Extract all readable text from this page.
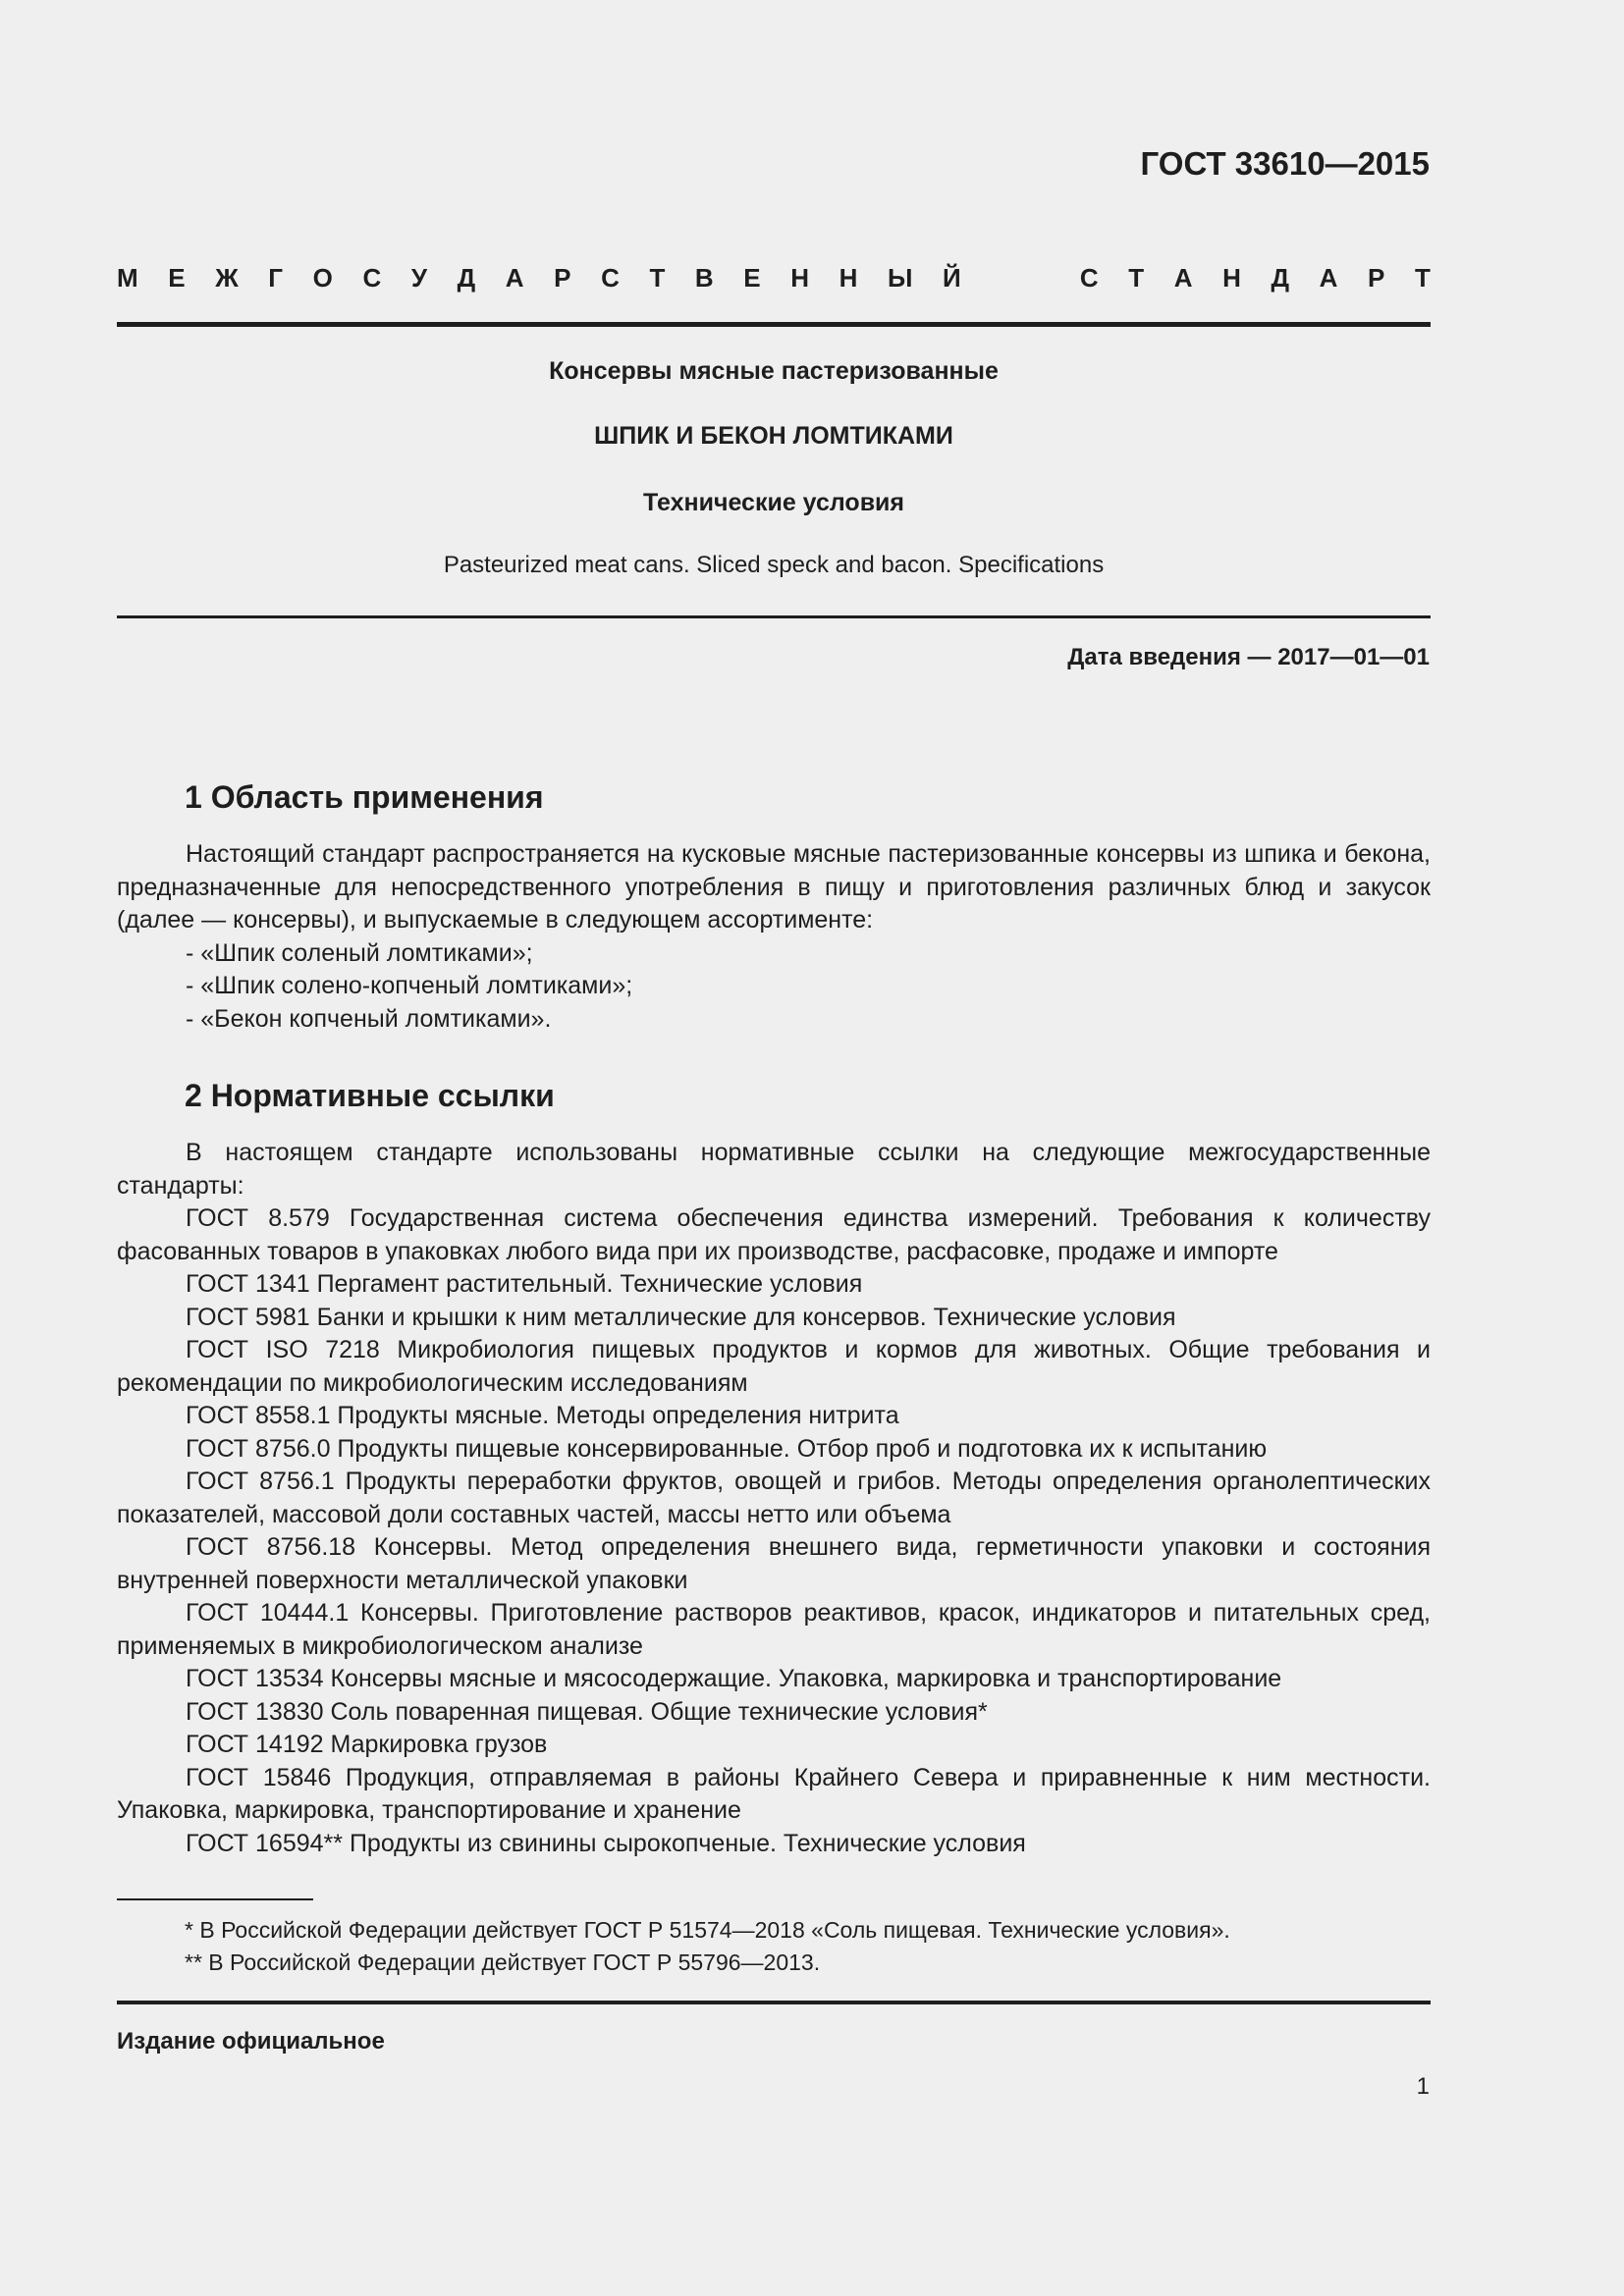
ГОСТ 33610—2015
М Е Ж Г О С У Д А Р С Т В Е Н Н Ы Й	С Т А Н Д А Р Т
Консервы мясные пастеризованные
ШПИК И БЕКОН ЛОМТИКАМИ
Технические условия
Pasteurized meat cans. Sliced speck and bacon. Specifications
Дата введения — 2017—01—01
1 Область применения

Настоящий стандарт распространяется на кусковые мясные пастеризованные консервы из шпика и бекона, предназначенные для непосредственного употребления в пищу и приготовления различных блюд и закусок (далее — консервы), и выпускаемые в следующем ассортименте:

- «Шпик соленый ломтиками»;

- «Шпик солено-копченый ломтиками»;

- «Бекон копченый ломтиками».

2 Нормативные ссылки

В настоящем стандарте использованы нормативные ссылки на следующие межгосударственные стандарты:

ГОСТ 8.579 Государственная система обеспечения единства измерений. Требования к количеству фасованных товаров в упаковках любого вида при их производстве, расфасовке, продаже и импорте

ГОСТ 1341 Пергамент растительный. Технические условия

ГОСТ 5981 Банки и крышки к ним металлические для консервов. Технические условия

ГОСТ ISO 7218 Микробиология пищевых продуктов и кормов для животных. Общие требования и рекомендации по микробиологическим исследованиям

ГОСТ 8558.1 Продукты мясные. Методы определения нитрита

ГОСТ 8756.0 Продукты пищевые консервированные. Отбор проб и подготовка их к испытанию

ГОСТ 8756.1 Продукты переработки фруктов, овощей и грибов. Методы определения органолептических показателей, массовой доли составных частей, массы нетто или объема

ГОСТ 8756.18 Консервы. Метод определения внешнего вида, герметичности упаковки и состояния внутренней поверхности металлической упаковки

ГОСТ 10444.1 Консервы. Приготовление растворов реактивов, красок, индикаторов и питательных сред, применяемых в микробиологическом анализе

ГОСТ 13534 Консервы мясные и мясосодержащие. Упаковка, маркировка и транспортирование

ГОСТ 13830 Соль поваренная пищевая. Общие технические условия*

ГОСТ 14192 Маркировка грузов

ГОСТ 15846 Продукция, отправляемая в районы Крайнего Севера и приравненные к ним местности. Упаковка, маркировка, транспортирование и хранение

ГОСТ 16594** Продукты из свинины сырокопченые. Технические условия

* В Российской Федерации действует ГОСТ Р 51574—2018 «Соль пищевая. Технические условия».
** В Российской Федерации действует ГОСТ Р 55796—2013.
Издание официальное
1
